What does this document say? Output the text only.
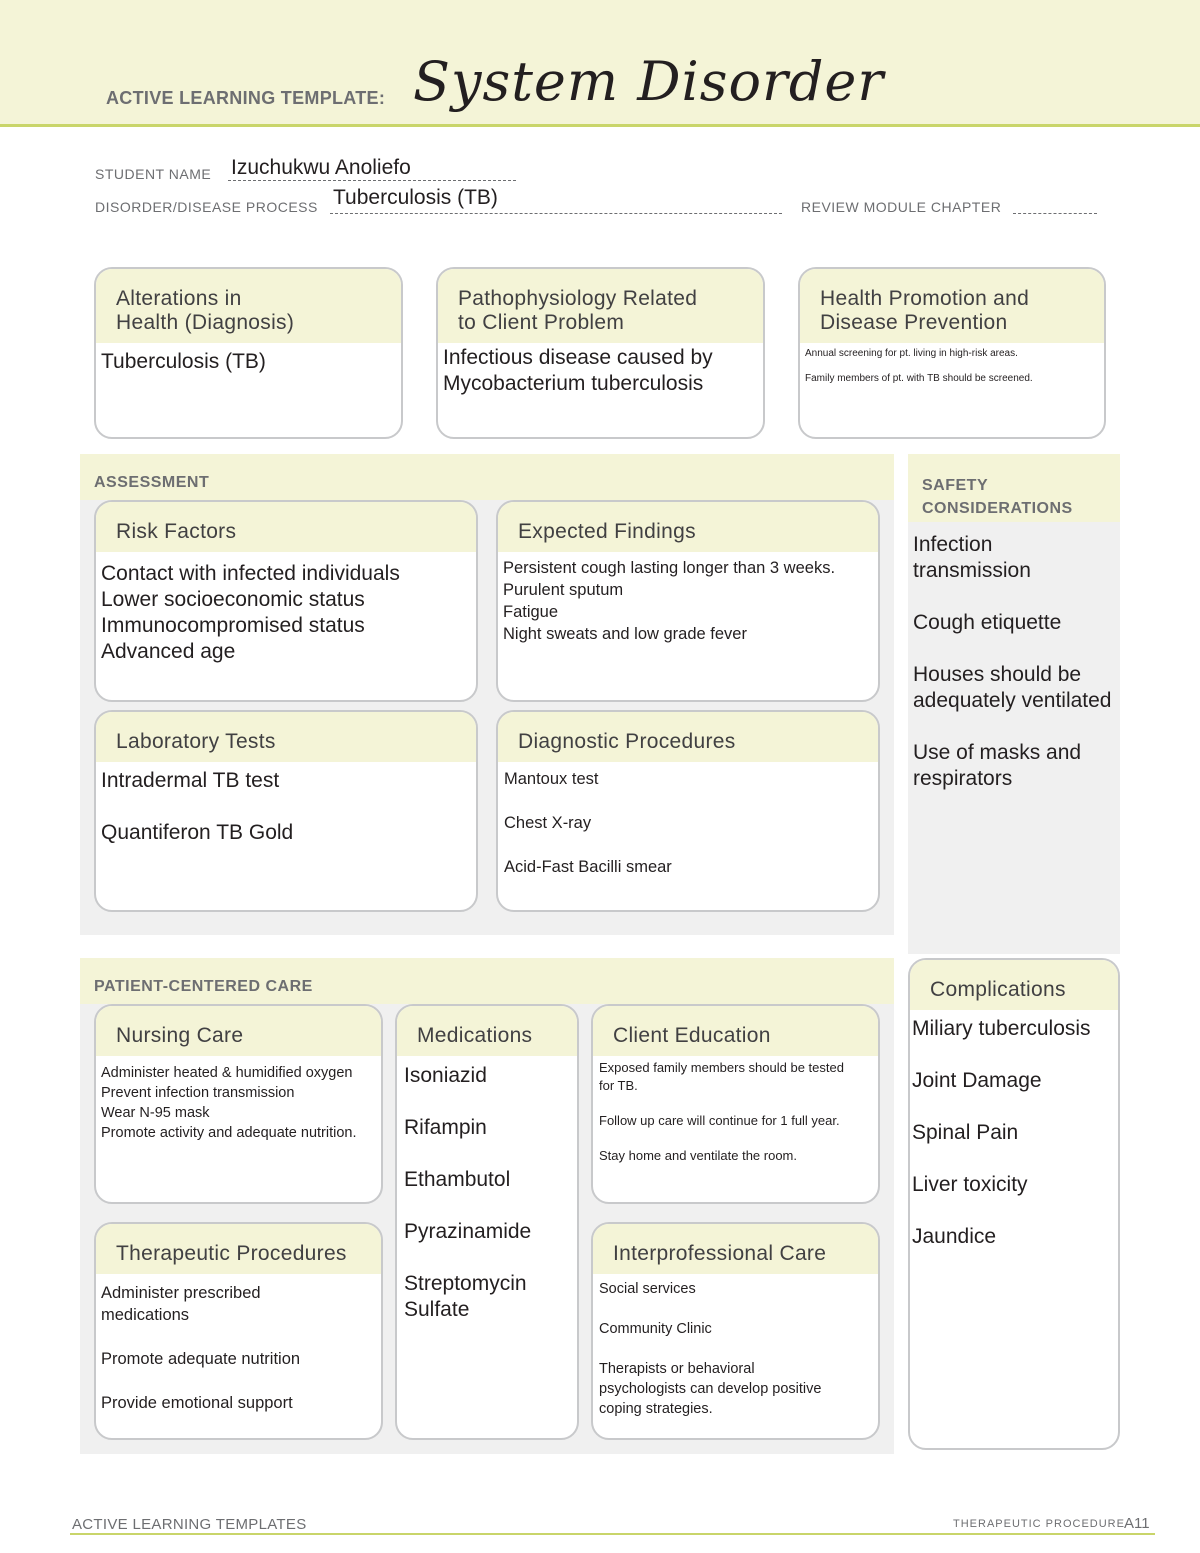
ACTIVE LEARNING TEMPLATE: System Disorder
STUDENT NAME Izuchukwu Anoliefo
DISORDER/DISEASE PROCESS Tuberculosis (TB)	REVIEW MODULE CHAPTER
Alterations in
Health (Diagnosis)
Tuberculosis (TB)
Pathophysiology Related
to Client Problem
Infectious disease caused by Mycobacterium tuberculosis
Health Promotion and
Disease Prevention
Annual screening for pt. living in high-risk areas.
Family members of pt. with TB should be screened.
ASSESSMENT
Risk Factors
Contact with infected individuals
Lower socioeconomic status
Immunocompromised status
Advanced age
Expected Findings
Persistent cough lasting longer than 3 weeks.
Purulent sputum
Fatigue
Night sweats and low grade fever
Laboratory Tests
Intradermal TB test
Quantiferon TB Gold
Diagnostic Procedures
Mantoux test
Chest X-ray
Acid-Fast Bacilli smear
SAFETY
CONSIDERATIONS
Infection transmission
Cough etiquette
Houses should be adequately ventilated
Use of masks and respirators
PATIENT-CENTERED CARE
Nursing Care
Administer heated & humidified oxygen
Prevent infection transmission
Wear N-95 mask
Promote activity and adequate nutrition.
Medications
Isoniazid
Rifampin
Ethambutol
Pyrazinamide
Streptomycin Sulfate
Client Education
Exposed family members should be tested for TB.
Follow up care will continue for 1 full year.
Stay home and ventilate the room.
Therapeutic Procedures
Administer prescribed medications
Promote adequate nutrition
Provide emotional support
Interprofessional Care
Social services
Community Clinic
Therapists or behavioral psychologists can develop positive coping strategies.
Complications
Miliary tuberculosis
Joint Damage
Spinal Pain
Liver toxicity
Jaundice
ACTIVE LEARNING TEMPLATES	THERAPEUTIC PROCEDURE A11
